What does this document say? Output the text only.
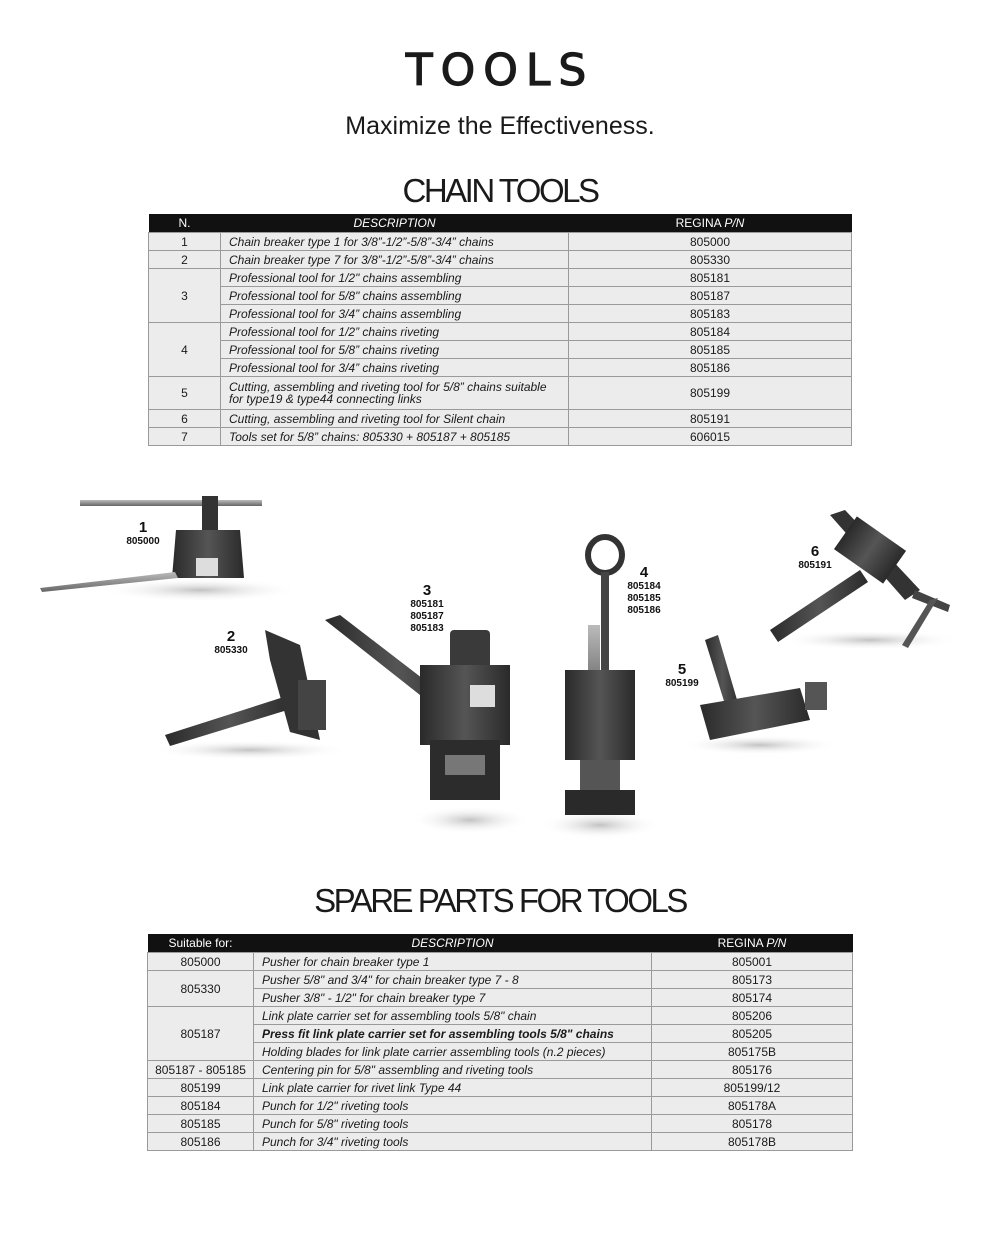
TOOLS
Maximize the Effectiveness.
CHAIN TOOLS
N.	DESCRIPTION	REGINA P/N
1	Chain breaker type 1 for 3/8”-1/2”-5/8”-3/4” chains	805000
2	Chain breaker type 7 for 3/8”-1/2”-5/8”-3/4” chains	805330
3	Professional tool for 1/2" chains assembling	805181
	Professional tool for 5/8" chains assembling	805187
	Professional tool for 3/4” chains assembling	805183
4	Professional tool for 1/2” chains riveting	805184
	Professional tool for 5/8” chains riveting	805185
	Professional tool for 3/4” chains riveting	805186
5	Cutting, assembling and riveting tool for 5/8” chains suitable for type19 & type44 connecting links	805199
6	Cutting, assembling and riveting tool for Silent chain	805191
7	Tools set for 5/8” chains: 805330 + 805187 + 805185	606015
1
805000
2
805330
3
805181
805187
805183
4
805184
805185
805186
5
805199
6
805191
SPARE PARTS FOR TOOLS
Suitable for:	DESCRIPTION	REGINA P/N
805000	Pusher for chain breaker type 1	805001
805330	Pusher 5/8" and 3/4" for chain breaker type 7 - 8	805173
	Pusher 3/8" - 1/2" for chain breaker type 7	805174
805187	Link plate carrier set for assembling tools 5/8" chain	805206
	Press fit link plate carrier set for assembling tools 5/8" chains	805205
	Holding blades for link plate carrier assembling tools (n.2 pieces)	805175B
805187 - 805185	Centering pin for 5/8" assembling and riveting tools	805176
805199	Link plate carrier for rivet link Type 44	805199/12
805184	Punch for 1/2" riveting tools	805178A
805185	Punch for 5/8" riveting tools	805178
805186	Punch for 3/4" riveting tools	805178B
